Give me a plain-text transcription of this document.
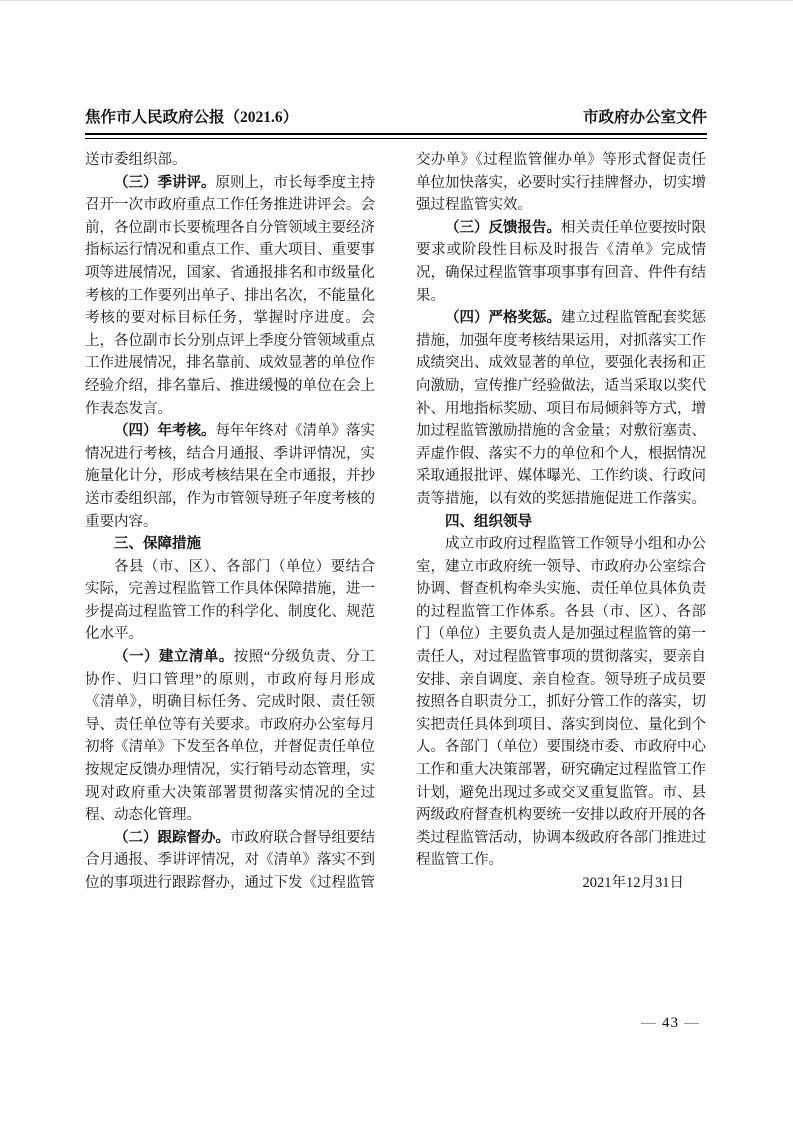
焦作市人民政府公报（2021.6）	市政府办公室文件

送市委组织部。

（三）季讲评。原则上，市长每季度主持召开一次市政府重点工作任务推进讲评会。会前，各位副市长要梳理各自分管领域主要经济指标运行情况和重点工作、重大项目、重要事项等进展情况，国家、省通报排名和市级量化考核的工作要列出单子、排出名次，不能量化考核的要对标目标任务，掌握时序进度。会上，各位副市长分别点评上季度分管领域重点工作进展情况，排名靠前、成效显著的单位作经验介绍，排名靠后、推进缓慢的单位在会上作表态发言。

（四）年考核。每年年终对《清单》落实情况进行考核，结合月通报、季讲评情况，实施量化计分，形成考核结果在全市通报，并抄送市委组织部，作为市管领导班子年度考核的重要内容。

三、保障措施

各县（市、区）、各部门（单位）要结合实际，完善过程监管工作具体保障措施，进一步提高过程监管工作的科学化、制度化、规范化水平。

（一）建立清单。按照“分级负责、分工协作、归口管理”的原则，市政府每月形成《清单》，明确目标任务、完成时限、责任领导、责任单位等有关要求。市政府办公室每月初将《清单》下发至各单位，并督促责任单位按规定反馈办理情况，实行销号动态管理，实现对政府重大决策部署贯彻落实情况的全过程、动态化管理。

（二）跟踪督办。市政府联合督导组要结合月通报、季讲评情况，对《清单》落实不到位的事项进行跟踪督办，通过下发《过程监管

交办单》《过程监管催办单》等形式督促责任单位加快落实，必要时实行挂牌督办，切实增强过程监管实效。

（三）反馈报告。相关责任单位要按时限要求或阶段性目标及时报告《清单》完成情况，确保过程监管事项事事有回音、件件有结果。

（四）严格奖惩。建立过程监管配套奖惩措施，加强年度考核结果运用，对抓落实工作成绩突出、成效显著的单位，要强化表扬和正向激励，宣传推广经验做法，适当采取以奖代补、用地指标奖励、项目布局倾斜等方式，增加过程监管激励措施的含金量；对敷衍塞责、弄虚作假、落实不力的单位和个人，根据情况采取通报批评、媒体曝光、工作约谈、行政问责等措施，以有效的奖惩措施促进工作落实。

四、组织领导

成立市政府过程监管工作领导小组和办公室，建立市政府统一领导、市政府办公室综合协调、督查机构牵头实施、责任单位具体负责的过程监管工作体系。各县（市、区）、各部门（单位）主要负责人是加强过程监管的第一责任人，对过程监管事项的贯彻落实，要亲自安排、亲自调度、亲自检查。领导班子成员要按照各自职责分工，抓好分管工作的落实，切实把责任具体到项目、落实到岗位、量化到个人。各部门（单位）要围绕市委、市政府中心工作和重大决策部署，研究确定过程监管工作计划，避免出现过多或交叉重复监管。市、县两级政府督查机构要统一安排以政府开展的各类过程监管活动，协调本级政府各部门推进过程监管工作。

2021年12月31日

— 43 —
